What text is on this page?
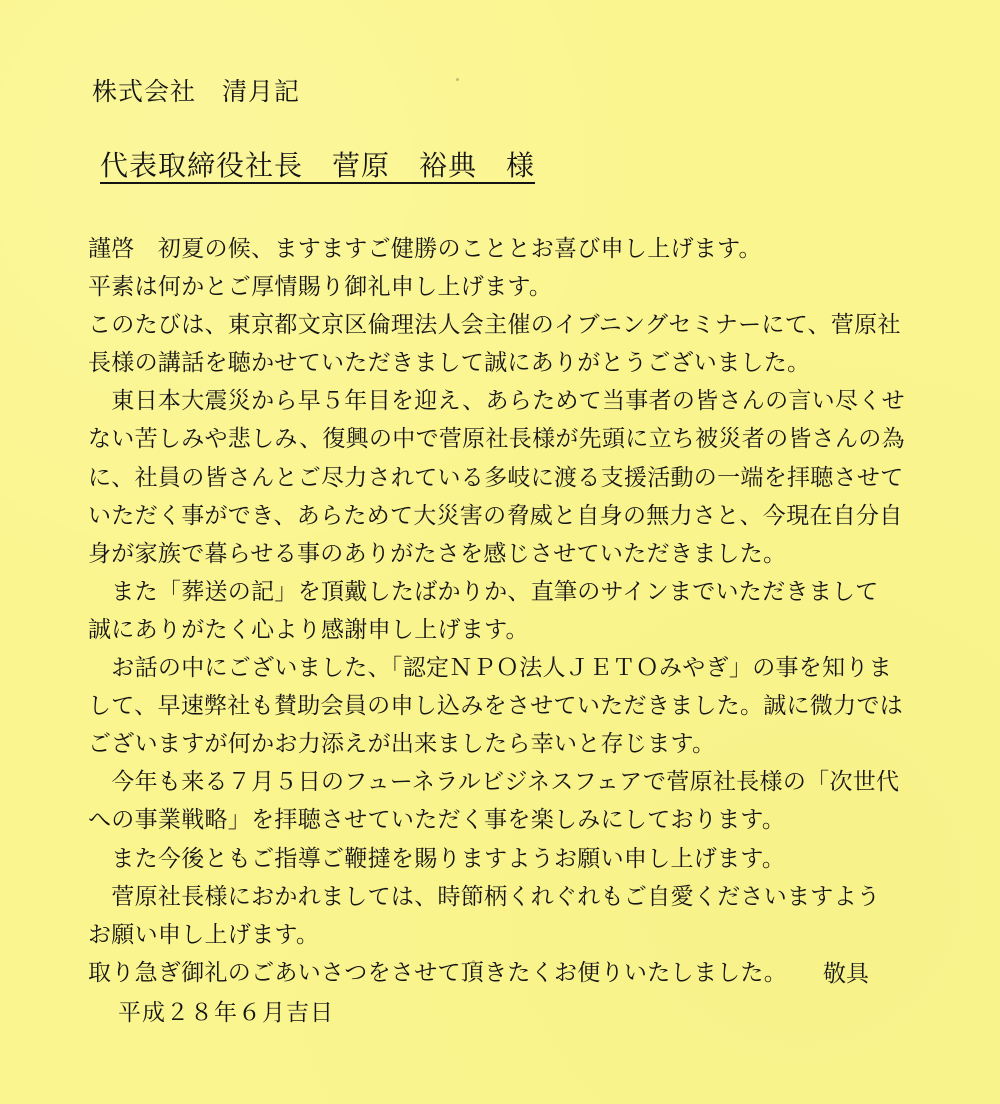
株式会社　清月記
代表取締役社長　菅原　裕典　様

謹啓　初夏の候、ますますご健勝のこととお喜び申し上げます。

平素は何かとご厚情賜り御礼申し上げます。

このたびは、東京都文京区倫理法人会主催のイブニングセミナーにて、菅原社

長様の講話を聴かせていただきまして誠にありがとうございました。

　東日本大震災から早５年目を迎え、あらためて当事者の皆さんの言い尽くせ

ない苦しみや悲しみ、復興の中で菅原社長様が先頭に立ち被災者の皆さんの為

に、社員の皆さんとご尽力されている多岐に渡る支援活動の一端を拝聴させて

いただく事ができ、あらためて大災害の脅威と自身の無力さと、今現在自分自

身が家族で暮らせる事のありがたさを感じさせていただきました。

　また「葬送の記」を頂戴したばかりか、直筆のサインまでいただきまして

誠にありがたく心より感謝申し上げます。

　お話の中にございました、「認定ＮＰＯ法人ＪＥＴＯみやぎ」の事を知りま

して、早速弊社も賛助会員の申し込みをさせていただきました。誠に微力では

ございますが何かお力添えが出来ましたら幸いと存じます。

　今年も来る７月５日のフューネラルビジネスフェアで菅原社長様の「次世代

への事業戦略」を拝聴させていただく事を楽しみにしております。

　また今後ともご指導ご鞭撻を賜りますようお願い申し上げます。

　菅原社長様におかれましては、時節柄くれぐれもご自愛くださいますよう

お願い申し上げます。

取り急ぎ御礼のごあいさつをさせて頂きたくお便りいたしました。	敬具

平成２８年６月吉日
